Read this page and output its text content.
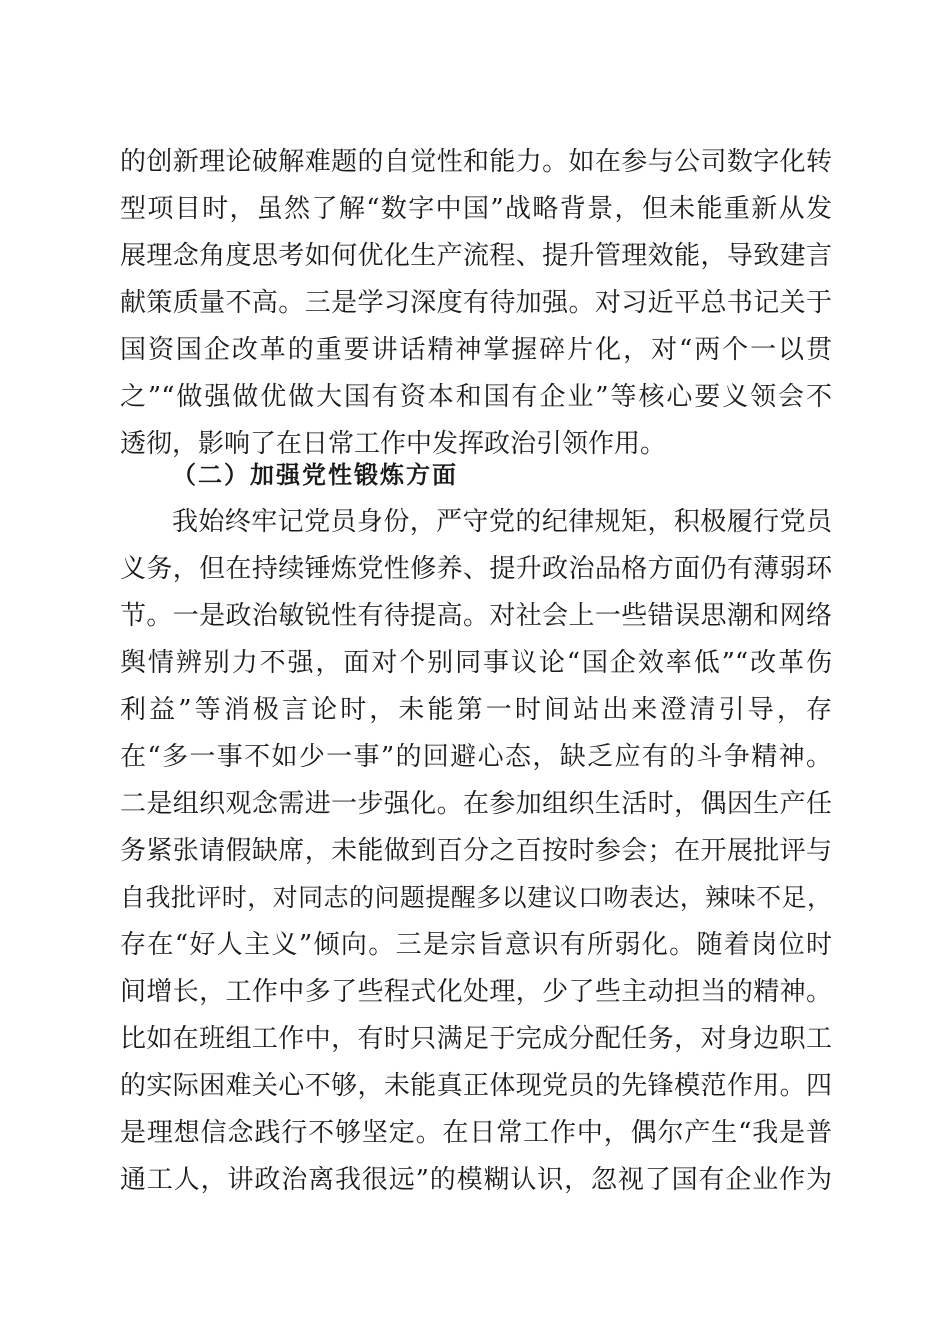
的创新理论破解难题的自觉性和能力。如在参与公司数字化转
型项目时，虽然了解“数字中国”战略背景，但未能重新从发
展理念角度思考如何优化生产流程、提升管理效能，导致建言
献策质量不高。三是学习深度有待加强。对习近平总书记关于
国资国企改革的重要讲话精神掌握碎片化，对“两个一以贯
之”“做强做优做大国有资本和国有企业”等核心要义领会不
透彻，影响了在日常工作中发挥政治引领作用。
（二）加强党性锻炼方面
我始终牢记党员身份，严守党的纪律规矩，积极履行党员
义务，但在持续锤炼党性修养、提升政治品格方面仍有薄弱环
节。一是政治敏锐性有待提高。对社会上一些错误思潮和网络
舆情辨别力不强，面对个别同事议论“国企效率低”“改革伤
利益”等消极言论时，未能第一时间站出来澄清引导，存
在“多一事不如少一事”的回避心态，缺乏应有的斗争精神。
二是组织观念需进一步强化。在参加组织生活时，偶因生产任
务紧张请假缺席，未能做到百分之百按时参会；在开展批评与
自我批评时，对同志的问题提醒多以建议口吻表达，辣味不足，
存在“好人主义”倾向。三是宗旨意识有所弱化。随着岗位时
间增长，工作中多了些程式化处理，少了些主动担当的精神。
比如在班组工作中，有时只满足于完成分配任务，对身边职工
的实际困难关心不够，未能真正体现党员的先锋模范作用。四
是理想信念践行不够坚定。在日常工作中，偶尔产生“我是普
通工人，讲政治离我很远”的模糊认识，忽视了国有企业作为
